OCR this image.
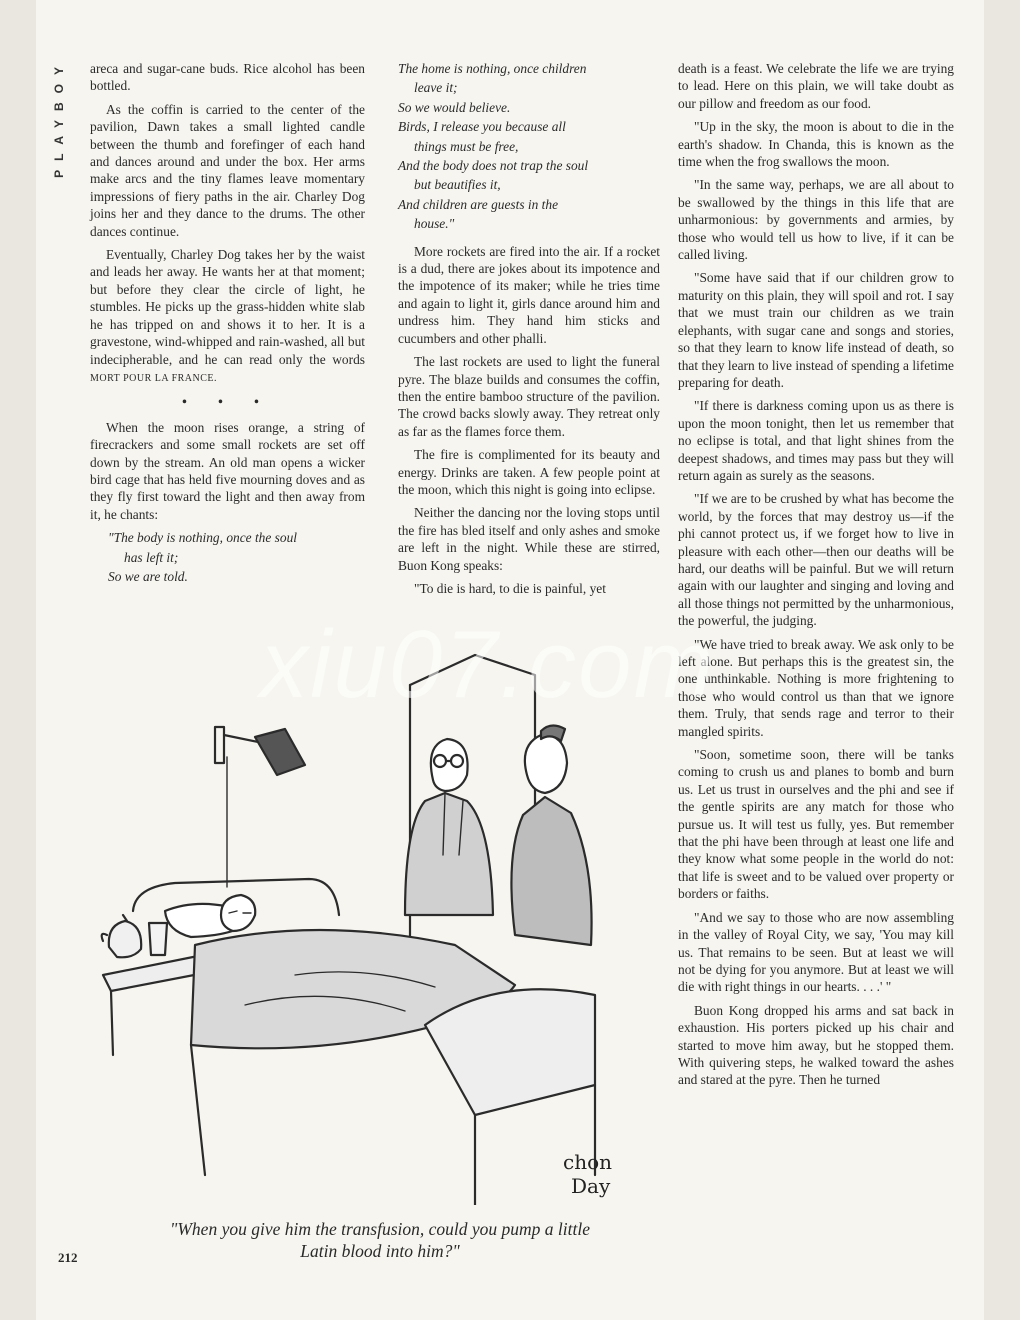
PLAYBOY areca and sugar-cane buds. Rice alcohol has been bottled.

As the coffin is carried to the center of the pavilion, Dawn takes a small lighted candle between the thumb and forefinger of each hand and dances around and under the box. Her arms make arcs and the tiny flames leave momentary impressions of fiery paths in the air. Charley Dog joins her and they dance to the drums. The other dances continue.

Eventually, Charley Dog takes her by the waist and leads her away. He wants her at that moment; but before they clear the circle of light, he stumbles. He picks up the grass-hidden white slab he has tripped on and shows it to her. It is a gravestone, wind-whipped and rain-washed, all but indecipherable, and he can read only the words MORT POUR LA FRANCE.

• • •

When the moon rises orange, a string of firecrackers and some small rockets are set off down by the stream. An old man opens a wicker bird cage that has held five mourning doves and as they fly first toward the light and then away from it, he chants:

"The body is nothing, once the soul
has left it;
So we are told.
The home is nothing, once children
leave it;
So we would believe.
Birds, I release you because all
things must be free,
And the body does not trap the soul
but beautifies it,
And children are guests in the
house."

More rockets are fired into the air. If a rocket is a dud, there are jokes about its impotence and the impotence of its maker; while he tries time and again to light it, girls dance around him and undress him. They hand him sticks and cucumbers and other phalli.

The last rockets are used to light the funeral pyre. The blaze builds and consumes the coffin, then the entire bamboo structure of the pavilion. The crowd backs slowly away. They retreat only as far as the flames force them.

The fire is complimented for its beauty and energy. Drinks are taken. A few people point at the moon, which this night is going into eclipse.

Neither the dancing nor the loving stops until the fire has bled itself and only ashes and smoke are left in the night. While these are stirred, Buon Kong speaks:

"To die is hard, to die is painful, yet

death is a feast. We celebrate the life we are trying to lead. Here on this plain, we will take doubt as our pillow and freedom as our food.

"Up in the sky, the moon is about to die in the earth's shadow. In Chanda, this is known as the time when the frog swallows the moon.

"In the same way, perhaps, we are all about to be swallowed by the things in this life that are unharmonious: by governments and armies, by those who would tell us how to live, if it can be called living.

"Some have said that if our children grow to maturity on this plain, they will spoil and rot. I say that we must train our children as we train elephants, with sugar cane and songs and stories, so that they learn to know life instead of death, so that they learn to live instead of spending a lifetime preparing for death.

"If there is darkness coming upon us as there is upon the moon tonight, then let us remember that no eclipse is total, and that light shines from the deepest shadows, and times may pass but they will return again as surely as the seasons.

"If we are to be crushed by what has become the world, by the forces that may destroy us—if the phi cannot protect us, if we forget how to live in pleasure with each other—then our deaths will be hard, our deaths will be painful. But we will return again with our laughter and singing and loving and all those things not permitted by the unharmonious, the powerful, the judging.

"We have tried to break away. We ask only to be left alone. But perhaps this is the greatest sin, the one unthinkable. Nothing is more frightening to those who would control us than that we ignore them. Truly, that sends rage and terror to their mangled spirits.

"Soon, sometime soon, there will be tanks coming to crush us and planes to bomb and burn us. Let us trust in ourselves and the phi and see if the gentle spirits are any match for those who pursue us. It will test us fully, yes. But remember that the phi have been through at least one life and they know what some people in the world do not: that life is sweet and to be valued over property or borders or faiths.

"And we say to those who are now assembling in the valley of Royal City, we say, 'You may kill us. That remains to be seen. But at least we will not be dying for you anymore. But at least we will die with right things in our hearts. . . .' "

Buon Kong dropped his arms and sat back in exhaustion. His porters picked up his chair and started to move him away, but he stopped them. With quivering steps, he walked toward the ashes and stared at the pyre. Then he turned

chon
Day
xiu07.com
"When you give him the transfusion, could you pump a little Latin blood into him?"
212
